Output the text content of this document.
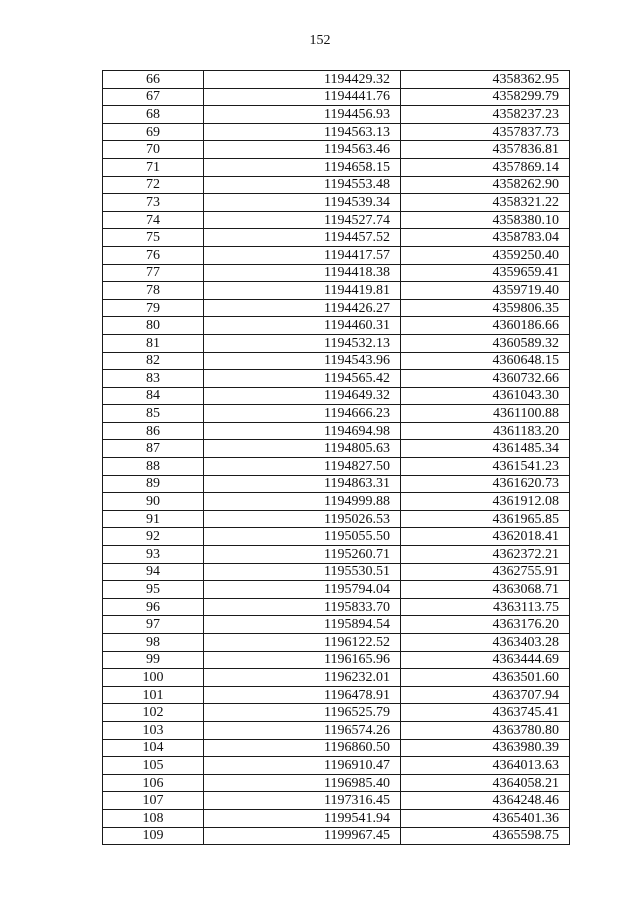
152
66	1194429.32	4358362.95
67	1194441.76	4358299.79
68	1194456.93	4358237.23
69	1194563.13	4357837.73
70	1194563.46	4357836.81
71	1194658.15	4357869.14
72	1194553.48	4358262.90
73	1194539.34	4358321.22
74	1194527.74	4358380.10
75	1194457.52	4358783.04
76	1194417.57	4359250.40
77	1194418.38	4359659.41
78	1194419.81	4359719.40
79	1194426.27	4359806.35
80	1194460.31	4360186.66
81	1194532.13	4360589.32
82	1194543.96	4360648.15
83	1194565.42	4360732.66
84	1194649.32	4361043.30
85	1194666.23	4361100.88
86	1194694.98	4361183.20
87	1194805.63	4361485.34
88	1194827.50	4361541.23
89	1194863.31	4361620.73
90	1194999.88	4361912.08
91	1195026.53	4361965.85
92	1195055.50	4362018.41
93	1195260.71	4362372.21
94	1195530.51	4362755.91
95	1195794.04	4363068.71
96	1195833.70	4363113.75
97	1195894.54	4363176.20
98	1196122.52	4363403.28
99	1196165.96	4363444.69
100	1196232.01	4363501.60
101	1196478.91	4363707.94
102	1196525.79	4363745.41
103	1196574.26	4363780.80
104	1196860.50	4363980.39
105	1196910.47	4364013.63
106	1196985.40	4364058.21
107	1197316.45	4364248.46
108	1199541.94	4365401.36
109	1199967.45	4365598.75
